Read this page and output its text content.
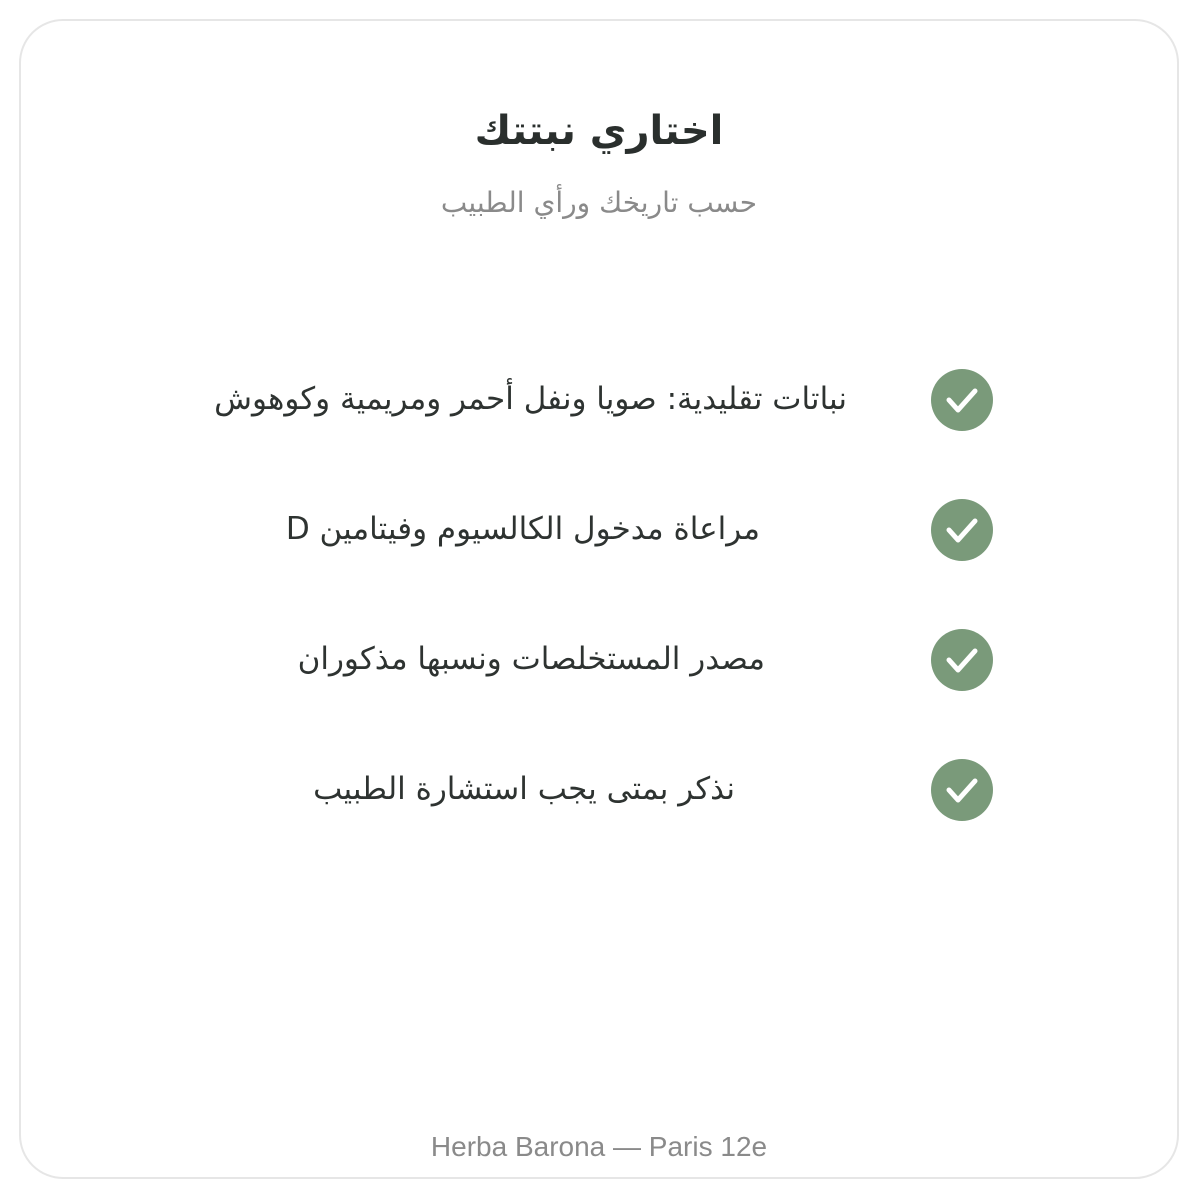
اختاري نبتتك
حسب تاريخك ورأي الطبيب
نباتات تقليدية: صويا ونفل أحمر ومريمية وكوهوش
مراعاة مدخول الكالسيوم وفيتامين D
مصدر المستخلصات ونسبها مذكوران
نذكر بمتى يجب استشارة الطبيب
Herba Barona — Paris 12e
